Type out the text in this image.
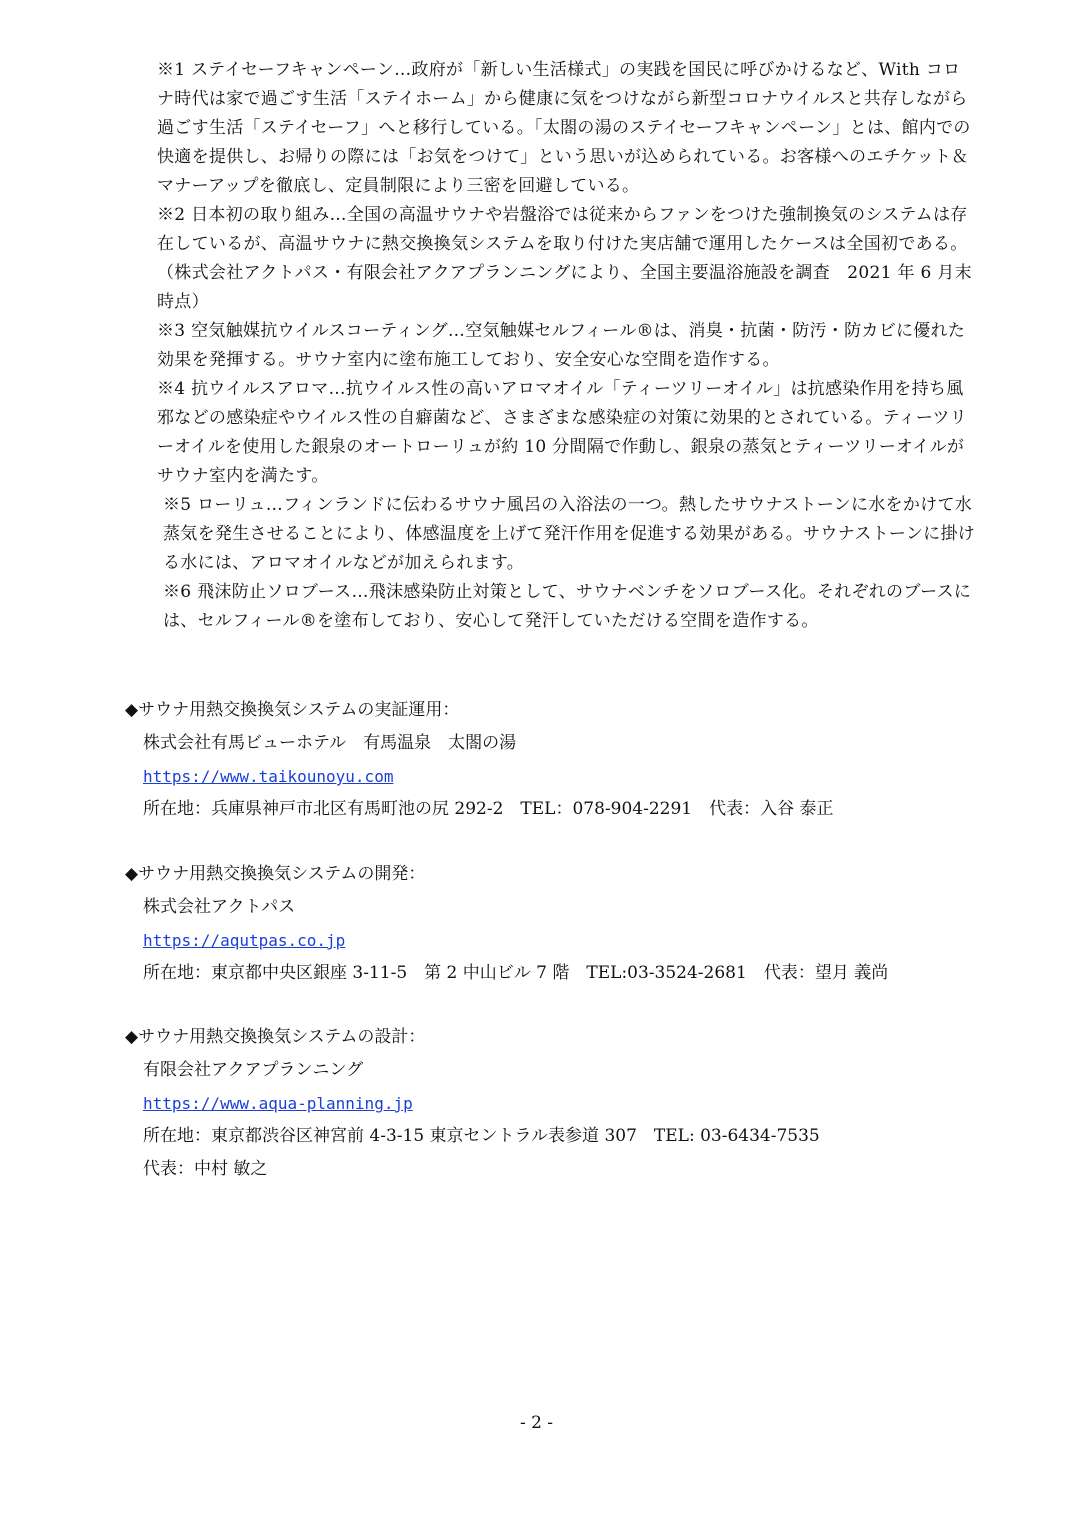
※1 ステイセーフキャンペーン…政府が「新しい生活様式」の実践を国民に呼びかけるなど、With コロナ時代は家で過ごす生活「ステイホーム」から健康に気をつけながら新型コロナウイルスと共存しながら過ごす生活「ステイセーフ」へと移行している。「太閤の湯のステイセーフキャンペーン」とは、館内での快適を提供し、お帰りの際には「お気をつけて」という思いが込められている。お客様へのエチケット＆マナーアップを徹底し、定員制限により三密を回避している。

※2 日本初の取り組み…全国の高温サウナや岩盤浴では従来からファンをつけた強制換気のシステムは存在しているが、高温サウナに熱交換換気システムを取り付けた実店舗で運用したケースは全国初である。

（株式会社アクトパス・有限会社アクアプランニングにより、全国主要温浴施設を調査　2021 年 6 月末時点）

※3 空気触媒抗ウイルスコーティング…空気触媒セルフィール®は、消臭・抗菌・防汚・防カビに優れた効果を発揮する。サウナ室内に塗布施工しており、安全安心な空間を造作する。

※4 抗ウイルスアロマ…抗ウイルス性の高いアロマオイル「ティーツリーオイル」は抗感染作用を持ち風邪などの感染症やウイルス性の自癖菌など、さまざまな感染症の対策に効果的とされている。ティーツリーオイルを使用した銀泉のオートローリュが約 10 分間隔で作動し、銀泉の蒸気とティーツリーオイルがサウナ室内を満たす。

※5 ローリュ…フィンランドに伝わるサウナ風呂の入浴法の一つ。熱したサウナストーンに水をかけて水蒸気を発生させることにより、体感温度を上げて発汗作用を促進する効果がある。サウナストーンに掛ける水には、アロマオイルなどが加えられます。

※6 飛沫防止ソロブース…飛沫感染防止対策として、サウナベンチをソロブース化。それぞれのブースには、セルフィール®を塗布しており、安心して発汗していただける空間を造作する。

◆サウナ用熱交換換気システムの実証運用：
株式会社有馬ビューホテル　有馬温泉　太閤の湯
https://www.taikounoyu.com
所在地：兵庫県神戸市北区有馬町池の尻 292-2　TEL：078-904-2291　代表：入谷 泰正
◆サウナ用熱交換換気システムの開発：
株式会社アクトパス
https://aqutpas.co.jp
所在地：東京都中央区銀座 3-11-5　第 2 中山ビル 7 階　TEL:03-3524-2681　代表：望月 義尚
◆サウナ用熱交換換気システムの設計：
有限会社アクアプランニング
https://www.aqua-planning.jp
所在地：東京都渋谷区神宮前 4-3-15 東京セントラル表参道 307　TEL: 03-6434-7535
代表：中村 敏之
- 2 -
